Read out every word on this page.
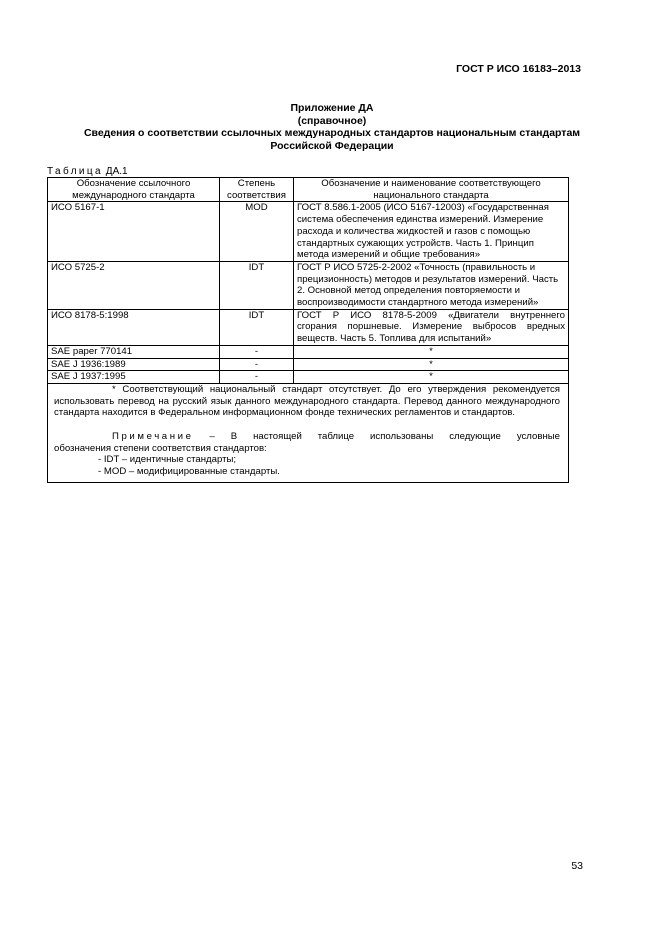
ГОСТ Р ИСО 16183–2013
Приложение ДА
(справочное)
Сведения о соответствии ссылочных международных стандартов национальным стандартам
Российской Федерации
Таблица ДА.1
Обозначение ссылочного международного стандарта	Степень соответствия	Обозначение и наименование соответствующего национального стандарта
ИСО 5167-1	MOD	ГОСТ 8.586.1-2005 (ИСО 5167-12003) «Государственная система обеспечения единства измерений. Измерение расхода и количества жидкостей и газов с помощью стандартных сужающих устройств. Часть 1. Принцип метода измерений и общие требования»
ИСО 5725-2	IDT	ГОСТ Р ИСО 5725-2-2002 «Точность (правильность и прецизионность) методов и результатов измерений. Часть 2. Основной метод определения повторяемости и воспроизводимости стандартного метода измерений»
ИСО 8178-5:1998	IDT	ГОСТ Р ИСО 8178-5-2009 «Двигатели внутреннего сгорания поршневые. Измерение выбросов вредных веществ. Часть 5. Топлива для испытаний»
SAE paper 770141	-	*
SAE J 1936:1989	-	*
SAE J 1937:1995	-	*

* Соответствующий национальный стандарт отсутствует. До его утверждения рекомендуется использовать перевод на русский язык данного международного стандарта. Перевод данного международного стандарта находится в Федеральном информационном фонде технических регламентов и стандартов.

Примечание – В настоящей таблице использованы следующие условные

обозначения степени соответствия стандартов:

- IDT – идентичные стандарты;

- MOD – модифицированные стандарты.		

53
